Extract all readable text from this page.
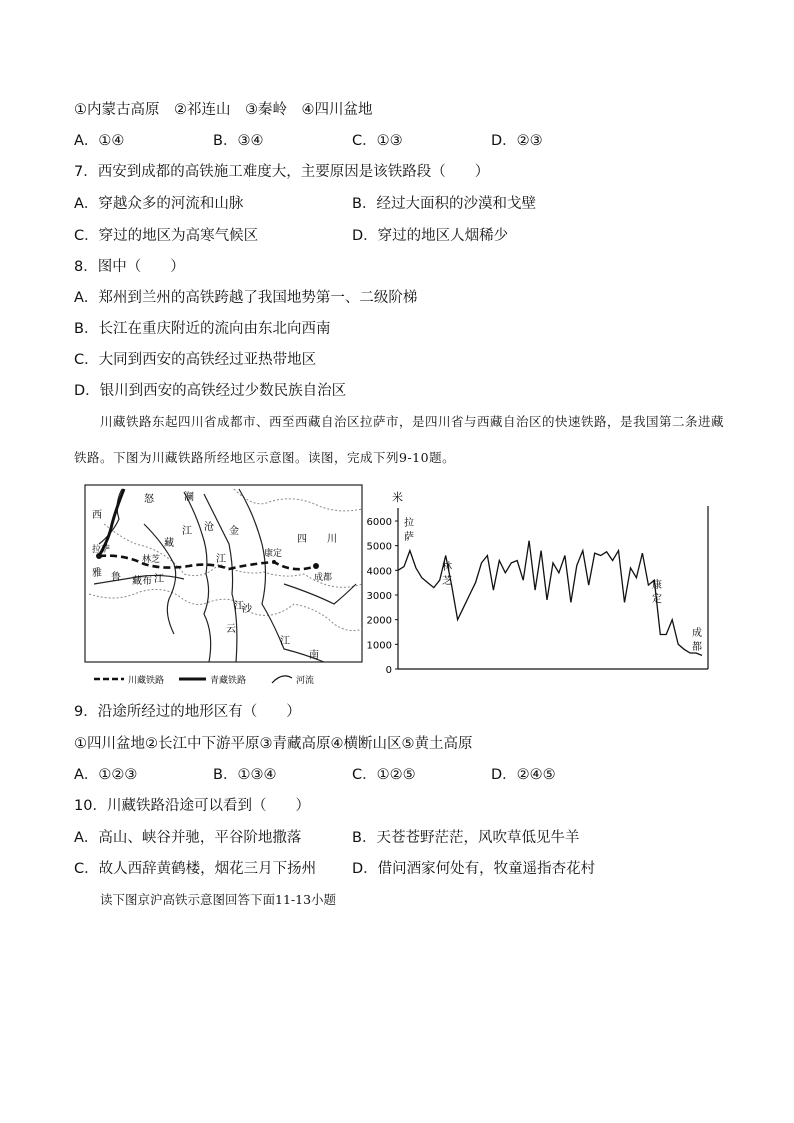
①内蒙古高原　②祁连山　③秦岭　④四川盆地
A．①④	B．③④	C．①③	D．②③
7．西安到成都的高铁施工难度大，主要原因是该铁路段（　　）
A．穿越众多的河流和山脉	B．经过大面积的沙漠和戈壁
C．穿过的地区为高寒气候区	D．穿过的地区人烟稀少
8．图中（　　）
A．郑州到兰州的高铁跨越了我国地势第一、二级阶梯
B．长江在重庆附近的流向由东北向西南
C．大同到西安的高铁经过亚热带地区
D．银川到西安的高铁经过少数民族自治区
川藏铁路东起四川省成都市、西至西藏自治区拉萨市，是四川省与西藏自治区的快速铁路，是我国第二条进藏铁路。下图为川藏铁路所经地区示意图。读图，完成下列9-10题。
西
怒	澜
沧
江	金
藏
江
四 川
拉萨
林芝
康定
成都
雅 鲁 藏布 江
沙
云
江
江
南
川藏铁路	青藏铁路	河流
米
0
1000
2000
3000
4000
5000
6000 拉
萨
林
芝	康
定
成
都
9．沿途所经过的地形区有（　　）
①四川盆地②长江中下游平原③青藏高原④横断山区⑤黄土高原
A．①②③	B．①③④	C．①②⑤	D．②④⑤
10．川藏铁路沿途可以看到（　　）
A．高山、峡谷并驰，平谷阶地撒落	B．天苍苍野茫茫，风吹草低见牛羊
C．故人西辞黄鹤楼，烟花三月下扬州 D．借问酒家何处有，牧童遥指杏花村
读下图京沪高铁示意图回答下面11-13小题
